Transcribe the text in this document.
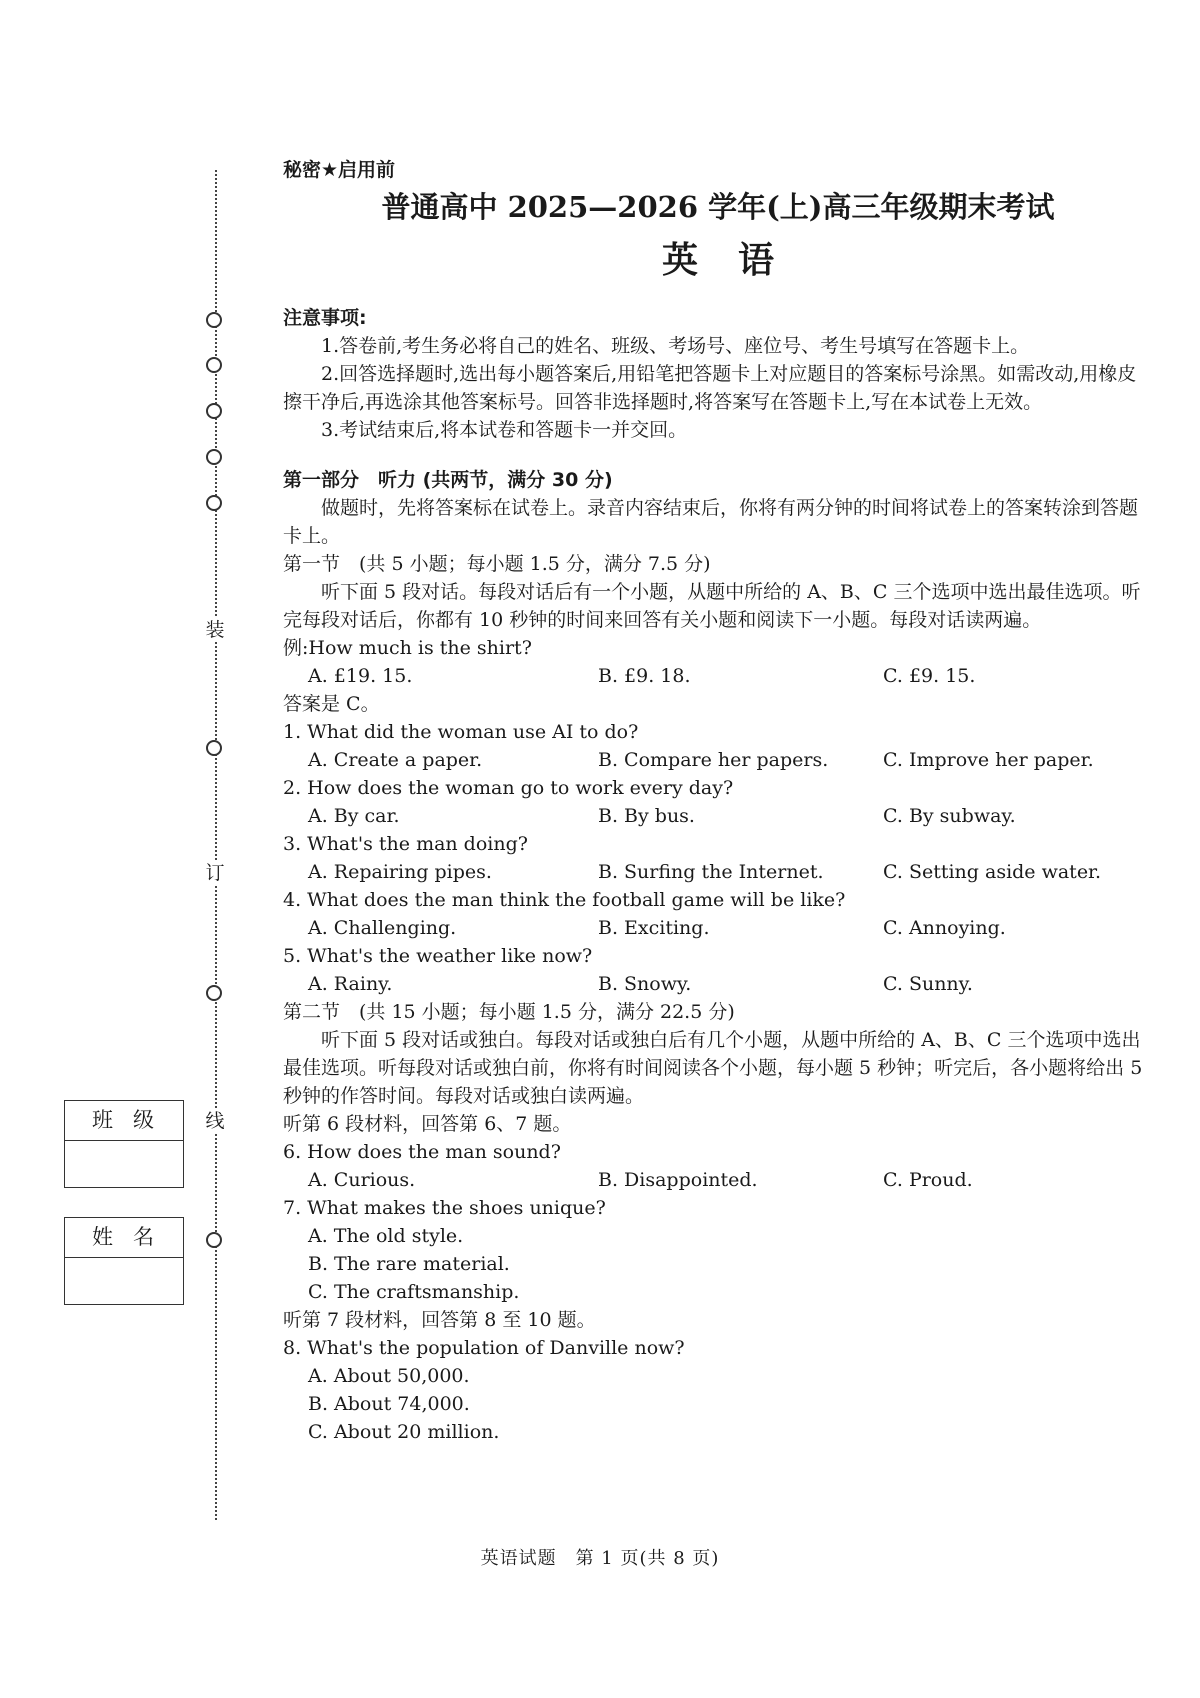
装
订
线
班级
姓名
秘密★启用前
普通高中 2025—2026 学年(上)高三年级期末考试
英语
注意事项:
1.答卷前,考生务必将自己的姓名、班级、考场号、座位号、考生号填写在答题卡上。
2.回答选择题时,选出每小题答案后,用铅笔把答题卡上对应题目的答案标号涂黑。如需改动,用橡皮擦干净后,再选涂其他答案标号。回答非选择题时,将答案写在答题卡上,写在本试卷上无效。
3.考试结束后,将本试卷和答题卡一并交回。
第一部分　听力 (共两节，满分 30 分)
做题时，先将答案标在试卷上。录音内容结束后，你将有两分钟的时间将试卷上的答案转涂到答题卡上。
第一节　(共 5 小题；每小题 1.5 分，满分 7.5 分)
听下面 5 段对话。每段对话后有一个小题，从题中所给的 A、B、C 三个选项中选出最佳选项。听完每段对话后，你都有 10 秒钟的时间来回答有关小题和阅读下一小题。每段对话读两遍。
例:How much is the shirt?
A. £19. 15.	B. £9. 18.	C. £9. 15.
答案是 C。
1. What did the woman use AI to do?
A. Create a paper.	B. Compare her papers.	C. Improve her paper.
2. How does the woman go to work every day?
A. By car.	B. By bus.	C. By subway.
3. What's the man doing?
A. Repairing pipes.	B. Surfing the Internet.	C. Setting aside water.
4. What does the man think the football game will be like?
A. Challenging.	B. Exciting.	C. Annoying.
5. What's the weather like now?
A. Rainy.	B. Snowy.	C. Sunny.
第二节　(共 15 小题；每小题 1.5 分，满分 22.5 分)
听下面 5 段对话或独白。每段对话或独白后有几个小题，从题中所给的 A、B、C 三个选项中选出最佳选项。听每段对话或独白前，你将有时间阅读各个小题，每小题 5 秒钟；听完后，各小题将给出 5 秒钟的作答时间。每段对话或独白读两遍。
听第 6 段材料，回答第 6、7 题。
6. How does the man sound?
A. Curious.	B. Disappointed.	C. Proud.
7. What makes the shoes unique?
A. The old style.
B. The rare material.
C. The craftsmanship.
听第 7 段材料，回答第 8 至 10 题。
8. What's the population of Danville now?
A. About 50,000.
B. About 74,000.
C. About 20 million.
英语试题　第 1 页(共 8 页)
